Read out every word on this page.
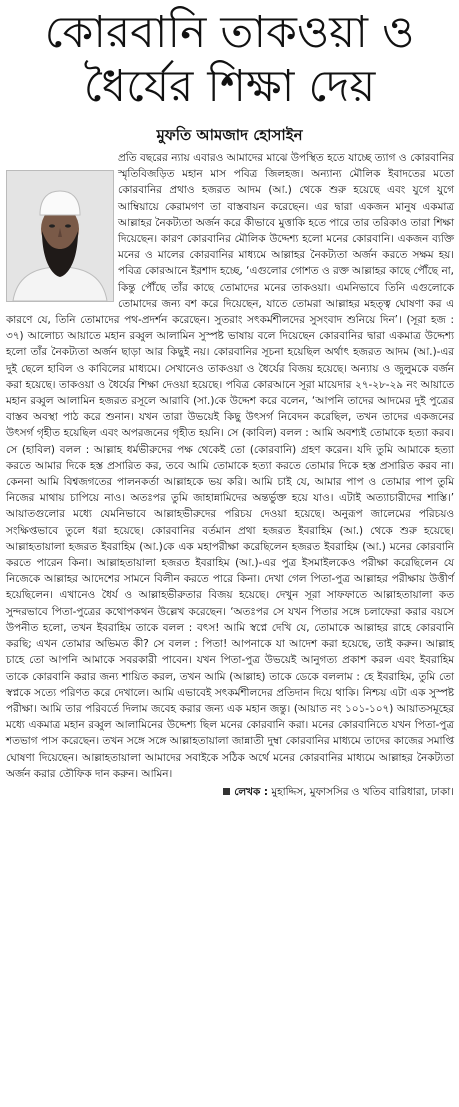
কোরবানি তাকওয়া ও
ধৈর্যের শিক্ষা দেয়
মুফতি আমজাদ হোসাইন

প্রতি বছরের ন্যায় এবারও আমাদের মাঝে উপস্থিত হতে যাচ্ছে ত্যাগ ও কোরবানির স্মৃতিবিজড়িত মহান মাস পবিত্র জিলহজ। অন্যান্য মৌলিক ইবাদতের মতো কোরবানির প্রথাও হজরত আদম (আ.) থেকে শুরু হয়েছে এবং যুগে যুগে আম্বিয়ায়ে কেরামগণ তা বাস্তবায়ন করেছেন। এর দ্বারা একজন মানুষ একমাত্র আল্লাহর নৈকট্যতা অর্জন করে কীভাবে মুত্তাকি হতে পারে তার তরিকাও তারা শিক্ষা দিয়েছেন। কারণ কোরবানির মৌলিক উদ্দেশ্য হলো মনের কোরবানি। একজন ব্যক্তি মনের ও মালের কোরবানির মাধ্যমে আল্লাহর নৈকট্যতা অর্জন করতে সক্ষম হয়। পবিত্র কোরআনে ইরশাদ হচ্ছে, ‘এগুলোর গোশত ও রক্ত আল্লাহর কাছে পৌঁছে না, কিন্তু পৌঁছে তাঁর কাছে তোমাদের মনের তাকওয়া। এমনিভাবে তিনি এগুলোকে তোমাদের জন্য বশ করে দিয়েছেন, যাতে তোমরা আল্লাহর মহত্ত্ব ঘোষণা কর এ কারণে যে, তিনি তোমাদের পথ-প্রদর্শন করেছেন। সুতরাং সৎকর্মশীলদের সুসংবাদ শুনিয়ে দিন’। (সূরা হজ : ৩৭) আলোচ্য আয়াতে মহান রব্বুল আলামিন সুস্পষ্ট ভাষায় বলে দিয়েছেন কোরবানির দ্বারা একমাত্র উদ্দেশ্য হলো তাঁর নৈকট্যতা অর্জন ছাড়া আর কিছুই নয়। কোরবানির সূচনা হয়েছিল অর্থাৎ হজরত আদম (আ.)-এর দুই ছেলে হাবিল ও কাবিলের মাধ্যমে। সেখানেও তাকওয়া ও ধৈর্যের বিজয় হয়েছে। অন্যায় ও জুলুমকে বর্জন করা হয়েছে। তাকওয়া ও ধৈর্যের শিক্ষা দেওয়া হয়েছে। পবিত্র কোরআনে সূরা মায়েদার ২৭-২৮-২৯ নং আয়াতে মহান রব্বুল আলামিন হজরত রসূলে আরাবি (সা.)কে উদ্দেশ করে বলেন, ‘আপনি তাদের আদমের দুই পুত্রের বাস্তব অবস্থা পাঠ করে শুনান। যখন তারা উভয়েই কিছু উৎসর্গ নিবেদন করেছিল, তখন তাদের একজনের উৎসর্গ গৃহীত হয়েছিল এবং অপরজনের গৃহীত হয়নি। সে (কাবিল) বলল : আমি অবশ্যই তোমাকে হত্যা করব। সে (হাবিল) বলল : আল্লাহ ধর্মভীরুদের পক্ষ থেকেই তো (কোরবানি) গ্রহণ করেন। যদি তুমি আমাকে হত্যা করতে আমার দিকে হস্ত প্রসারিত কর, তবে আমি তোমাকে হত্যা করতে তোমার দিকে হস্ত প্রসারিত করব না। কেননা আমি বিশ্বজগতের পালনকর্তা আল্লাহকে ভয় করি। আমি চাই যে, আমার পাপ ও তোমার পাপ তুমি নিজের মাথায় চাপিয়ে নাও। অতঃপর তুমি জাহান্নামিদের অন্তর্ভুক্ত হয়ে যাও। এটাই অত্যাচারীদের শাস্তি।’ আয়াতগুলোর মধ্যে যেমনিভাবে আল্লাহভীরুদের পরিচয় দেওয়া হয়েছে। অনুরূপ জালেমের পরিচয়ও সংক্ষিপ্তভাবে তুলে ধরা হয়েছে। কোরবানির বর্তমান প্রথা হজরত ইবরাহিম (আ.) থেকে শুরু হয়েছে। আল্লাহতায়ালা হজরত ইবরাহিম (আ.)কে এক মহাপরীক্ষা করেছিলেন হজরত ইবরাহিম (আ.) মনের কোরবানি করতে পারেন কিনা। আল্লাহতায়ালা হজরত ইবরাহিম (আ.)-এর পুত্র ইসমাইলকেও পরীক্ষা করেছিলেন যে নিজেকে আল্লাহর আদেশের সামনে বিলীন করতে পারে কিনা। দেখা গেল পিতা-পুত্র আল্লাহর পরীক্ষায় উত্তীর্ণ হয়েছিলেন। এখানেও ধৈর্য ও আল্লাহভীরুতার বিজয় হয়েছে। দেখুন সূরা সাফফাতে আল্লাহতায়ালা কত সুন্দরভাবে পিতা-পুত্রের কথোপকথন উল্লেখ করেছেন। ‘অতঃপর সে যখন পিতার সঙ্গে চলাফেরা করার বয়সে উপনীত হলো, তখন ইবরাহিম তাকে বলল : বৎস! আমি স্বপ্নে দেখি যে, তোমাকে আল্লাহর রাহে কোরবানি করছি; এখন তোমার অভিমত কী? সে বলল : পিতা! আপনাকে যা আদেশ করা হয়েছে, তাই করুন। আল্লাহ চাহে তো আপনি আমাকে সবরকারী পাবেন। যখন পিতা-পুত্র উভয়েই আনুগত্য প্রকাশ করল এবং ইবরাহিম তাকে কোরবানি করার জন্য শায়িত করল, তখন আমি (আল্লাহ) তাকে ডেকে বললাম : হে ইবরাহিম, তুমি তো স্বপ্নকে সত্যে পরিণত করে দেখালে। আমি এভাবেই সৎকর্মশীলদের প্রতিদান দিয়ে থাকি। নিশ্চয় এটা এক সুস্পষ্ট পরীক্ষা। আমি তার পরিবর্তে দিলাম জবেহ করার জন্য এক মহান জন্তু। (আয়াত নং ১০১-১০৭) আয়াতসমূহের মধ্যে একমাত্র মহান রব্বুল আলামিনের উদ্দেশ্য ছিল মনের কোরবানি করা। মনের কোরবানিতে যখন পিতা-পুত্র শতভাগ পাস করেছেন। তখন সঙ্গে সঙ্গে আল্লাহতায়ালা জান্নাতী দুম্বা কোরবানির মাধ্যমে তাদের কাজের সমাপ্তি ঘোষণা দিয়েছেন। আল্লাহতায়ালা আমাদের সবাইকে সঠিক অর্থে মনের কোরবানির মাধ্যমে আল্লাহর নৈকট্যতা অর্জন করার তৌফিক দান করুন। আমিন।

লেখক : মুহাদ্দিস, মুফাসসির ও খতিব বারিধারা, ঢাকা।
